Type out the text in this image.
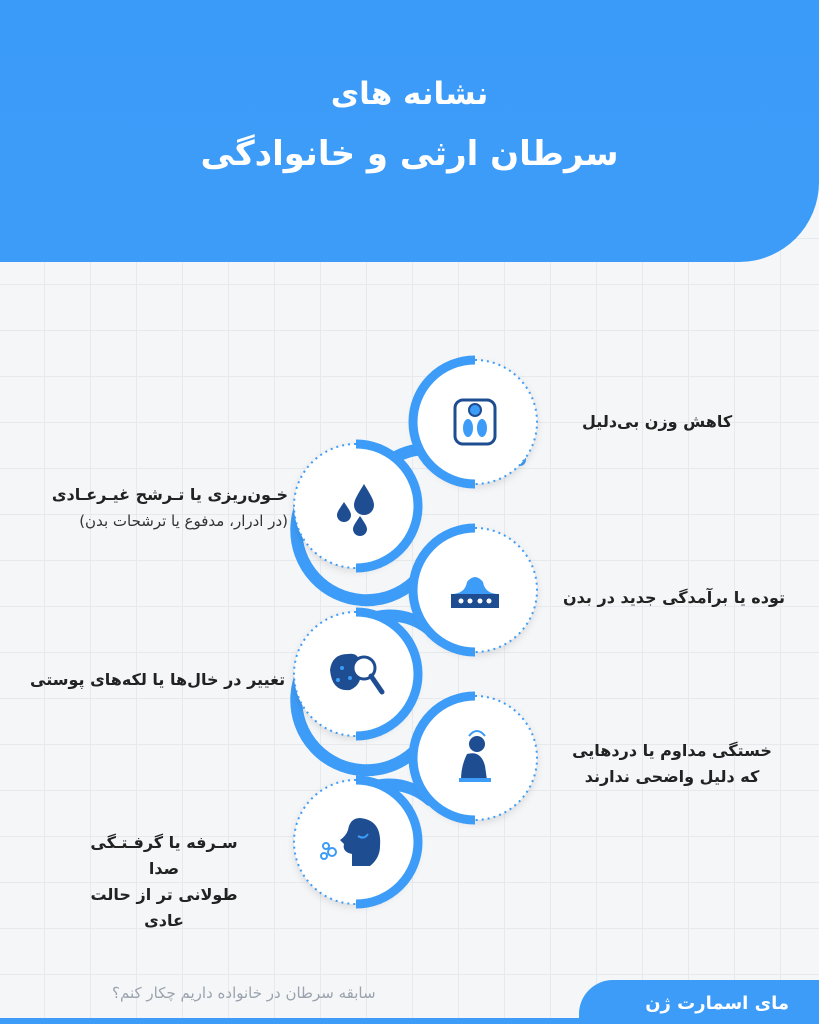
نشانه های
سرطان ارثی و خانوادگی
کاهش وزن بی‌دلیل
خـون‌ریزی یا تـرشح غیـرعـادی
(در ادرار، مدفوع یا ترشحات بدن)
توده یا برآمدگی جدید در بدن
تغییر در خال‌ها یا لکه‌های پوستی
خستگی مداوم یا دردهایی
که دلیل واضحی ندارند
سـرفه یا گرفـتـگی صدا
طولانی تر از حالت عادی
سابقه سرطان در خانواده داریم چکار کنم؟	مای اسمارت ژن
